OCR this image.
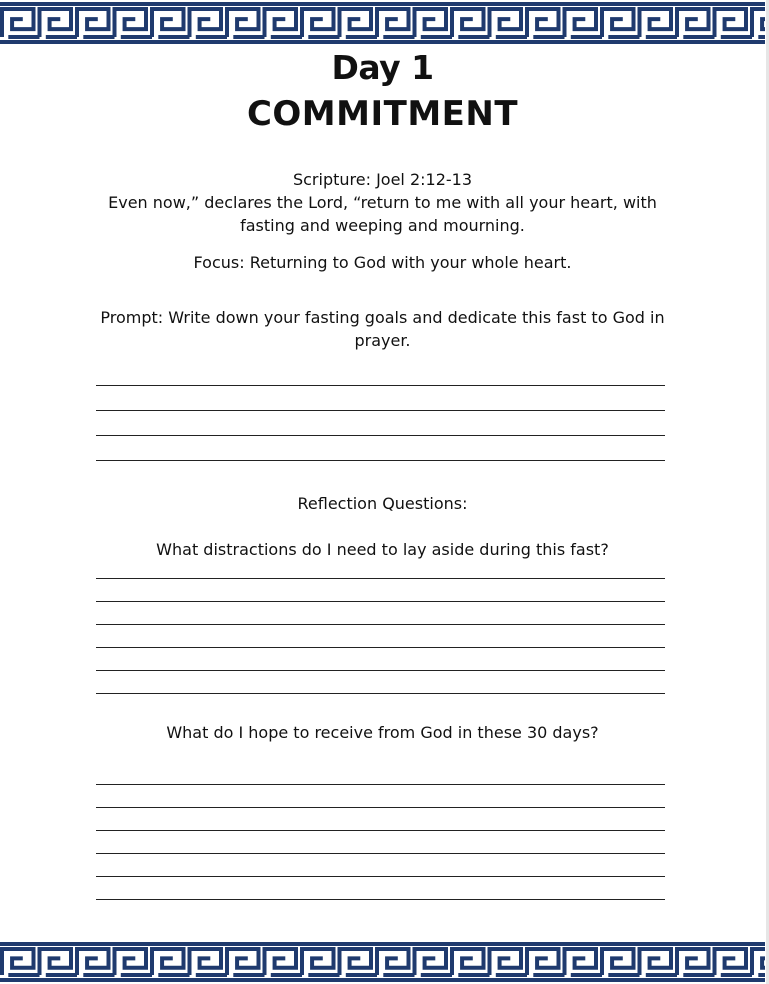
Day 1
COMMITMENT
Scripture: Joel 2:12-13
Even now,” declares the Lord, “return to me with all your heart, with fasting and weeping and mourning.
Focus: Returning to God with your whole heart.
Prompt: Write down your fasting goals and dedicate this fast to God in prayer.
Reflection Questions:
What distractions do I need to lay aside during this fast?
What do I hope to receive from God in these 30 days?
